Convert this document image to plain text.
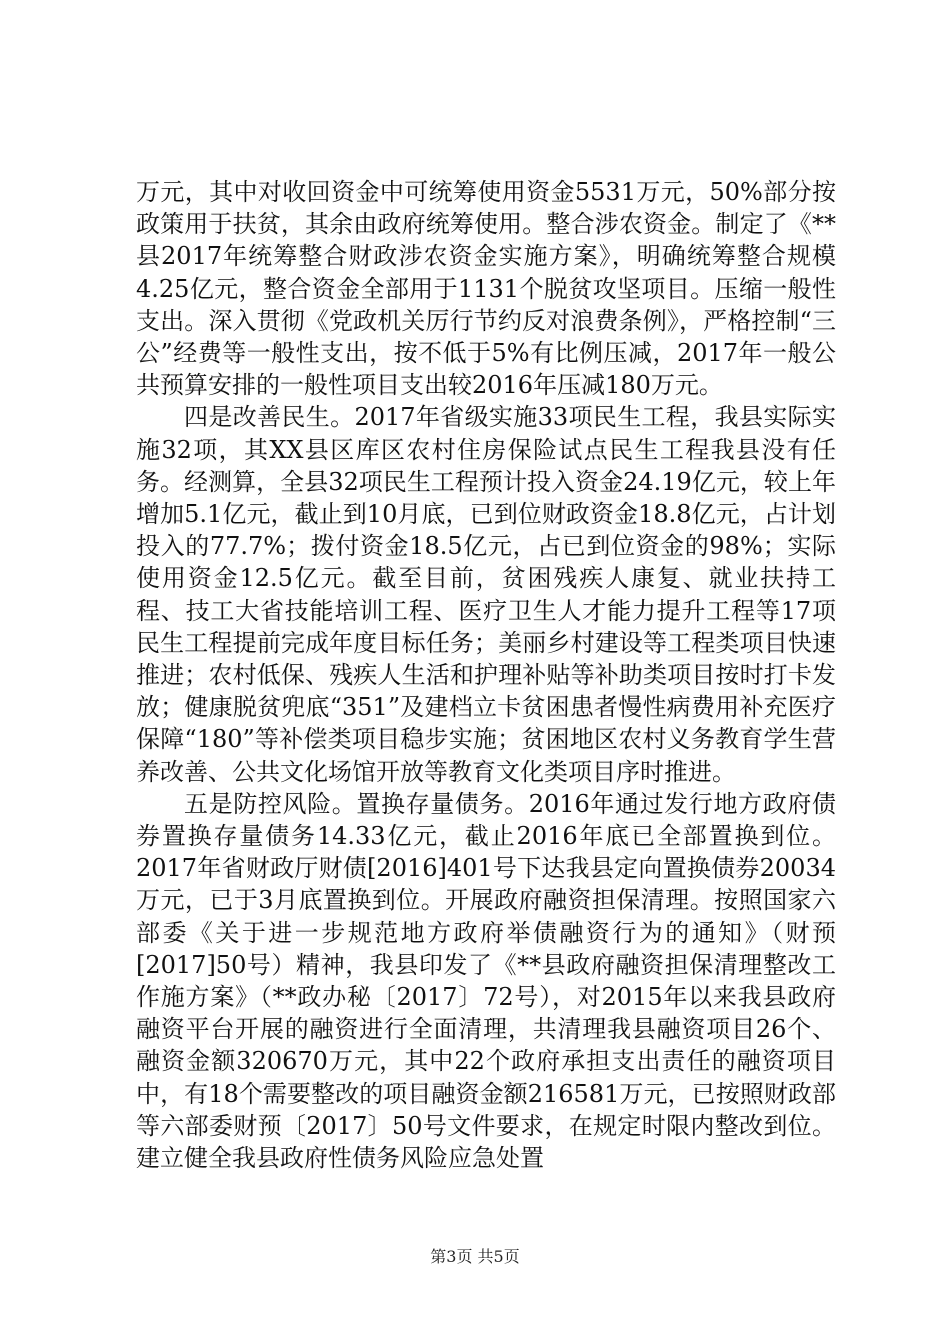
万元，其中对收回资金中可统筹使用资金5531万元，50%部分按政策用于扶贫，其余由政府统筹使用。整合涉农资金。制定了《**县2017年统筹整合财政涉农资金实施方案》，明确统筹整合规模4.25亿元，整合资金全部用于1131个脱贫攻坚项目。压缩一般性支出。深入贯彻《党政机关厉行节约反对浪费条例》，严格控制“三公”经费等一般性支出，按不低于5%有比例压减，2017年一般公共预算安排的一般性项目支出较2016年压减180万元。

四是改善民生。2017年省级实施33项民生工程，我县实际实施32项，其XX县区库区农村住房保险试点民生工程我县没有任务。经测算，全县32项民生工程预计投入资金24.19亿元，较上年增加5.1亿元，截止到10月底，已到位财政资金18.8亿元，占计划投入的77.7%；拨付资金18.5亿元，占已到位资金的98%；实际使用资金12.5亿元。截至目前，贫困残疾人康复、就业扶持工程、技工大省技能培训工程、医疗卫生人才能力提升工程等17项民生工程提前完成年度目标任务；美丽乡村建设等工程类项目快速推进；农村低保、残疾人生活和护理补贴等补助类项目按时打卡发放；健康脱贫兜底“351”及建档立卡贫困患者慢性病费用补充医疗保障“180”等补偿类项目稳步实施；贫困地区农村义务教育学生营养改善、公共文化场馆开放等教育文化类项目序时推进。

五是防控风险。置换存量债务。2016年通过发行地方政府债券置换存量债务14.33亿元，截止2016年底已全部置换到位。2017年省财政厅财债[2016]401号下达我县定向置换债券20034万元，已于3月底置换到位。开展政府融资担保清理。按照国家六部委《关于进一步规范地方政府举债融资行为的通知》（财预[2017]50号）精神，我县印发了《**县政府融资担保清理整改工作施方案》（**政办秘〔2017〕72号），对2015年以来我县政府融资平台开展的融资进行全面清理，共清理我县融资项目26个、融资金额320670万元，其中22个政府承担支出责任的融资项目中，有18个需要整改的项目融资金额216581万元，已按照财政部等六部委财预〔2017〕50号文件要求，在规定时限内整改到位。建立健全我县政府性债务风险应急处置

第3页 共5页
